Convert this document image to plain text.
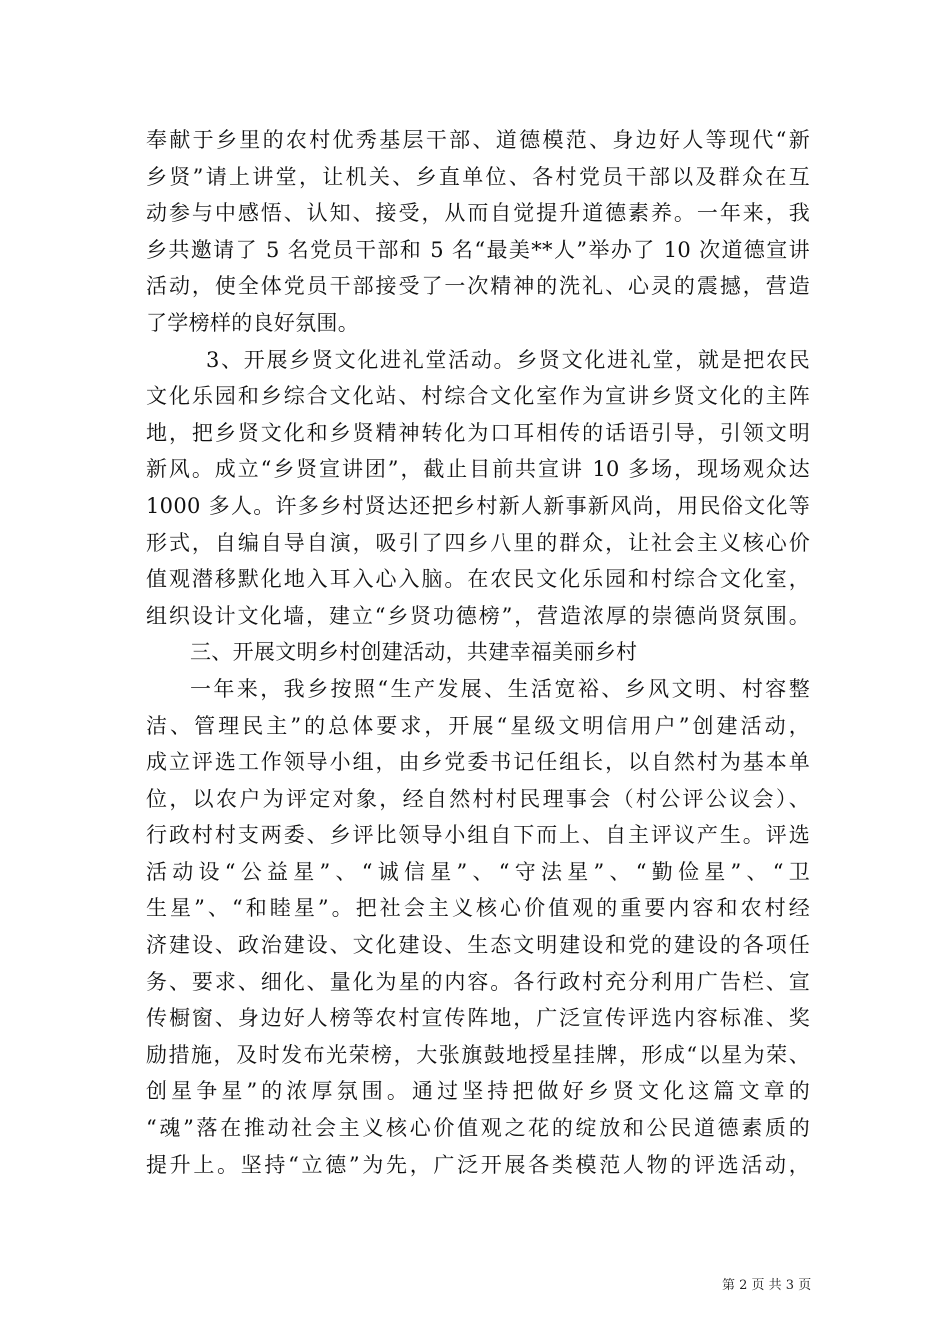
奉献于乡里的农村优秀基层干部、道德模范、身边好人等现代“新
乡贤”请上讲堂，让机关、乡直单位、各村党员干部以及群众在互
动参与中感悟、认知、接受，从而自觉提升道德素养。一年来，我
乡共邀请了 5 名党员干部和 5 名“最美**人”举办了 10 次道德宣讲
活动，使全体党员干部接受了一次精神的洗礼、心灵的震撼，营造
了学榜样的良好氛围。
3、开展乡贤文化进礼堂活动。乡贤文化进礼堂，就是把农民
文化乐园和乡综合文化站、村综合文化室作为宣讲乡贤文化的主阵
地，把乡贤文化和乡贤精神转化为口耳相传的话语引导，引领文明
新风。成立“乡贤宣讲团”，截止目前共宣讲 10 多场，现场观众达
1000 多人。许多乡村贤达还把乡村新人新事新风尚，用民俗文化等
形式，自编自导自演，吸引了四乡八里的群众，让社会主义核心价
值观潜移默化地入耳入心入脑。在农民文化乐园和村综合文化室，
组织设计文化墙，建立“乡贤功德榜”，营造浓厚的崇德尚贤氛围。
三、开展文明乡村创建活动，共建幸福美丽乡村
一年来，我乡按照“生产发展、生活宽裕、乡风文明、村容整
洁、管理民主”的总体要求，开展“星级文明信用户”创建活动，
成立评选工作领导小组，由乡党委书记任组长，以自然村为基本单
位，以农户为评定对象，经自然村村民理事会（村公评公议会）、
行政村村支两委、乡评比领导小组自下而上、自主评议产生。评选
活动设“公益星”、“诚信星”、“守法星”、“勤俭星”、“卫
生星”、“和睦星”。把社会主义核心价值观的重要内容和农村经
济建设、政治建设、文化建设、生态文明建设和党的建设的各项任
务、要求、细化、量化为星的内容。各行政村充分利用广告栏、宣
传橱窗、身边好人榜等农村宣传阵地，广泛宣传评选内容标准、奖
励措施，及时发布光荣榜，大张旗鼓地授星挂牌，形成“以星为荣、
创星争星”的浓厚氛围。通过坚持把做好乡贤文化这篇文章的
“魂”落在推动社会主义核心价值观之花的绽放和公民道德素质的
提升上。坚持“立德”为先，广泛开展各类模范人物的评选活动，
第 2 页 共 3 页
